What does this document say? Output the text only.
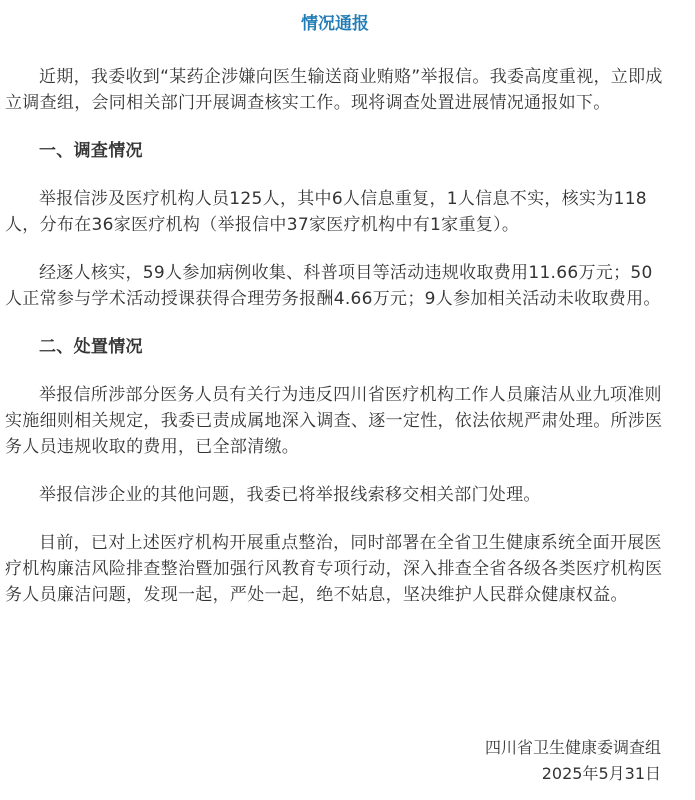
情况通报

近期，我委收到“某药企涉嫌向医生输送商业贿赂”举报信。我委高度重视，立即成立调查组，会同相关部门开展调查核实工作。现将调查处置进展情况通报如下。

一、调查情况

举报信涉及医疗机构人员125人，其中6人信息重复，1人信息不实，核实为118人，分布在36家医疗机构（举报信中37家医疗机构中有1家重复）。

经逐人核实，59人参加病例收集、科普项目等活动违规收取费用11.66万元；50人正常参与学术活动授课获得合理劳务报酬4.66万元；9人参加相关活动未收取费用。

二、处置情况

举报信所涉部分医务人员有关行为违反四川省医疗机构工作人员廉洁从业九项准则实施细则相关规定，我委已责成属地深入调查、逐一定性，依法依规严肃处理。所涉医务人员违规收取的费用，已全部清缴。

举报信涉企业的其他问题，我委已将举报线索移交相关部门处理。

目前，已对上述医疗机构开展重点整治，同时部署在全省卫生健康系统全面开展医疗机构廉洁风险排查整治暨加强行风教育专项行动，深入排查全省各级各类医疗机构医务人员廉洁问题，发现一起，严处一起，绝不姑息，坚决维护人民群众健康权益。

四川省卫生健康委调查组
2025年5月31日
